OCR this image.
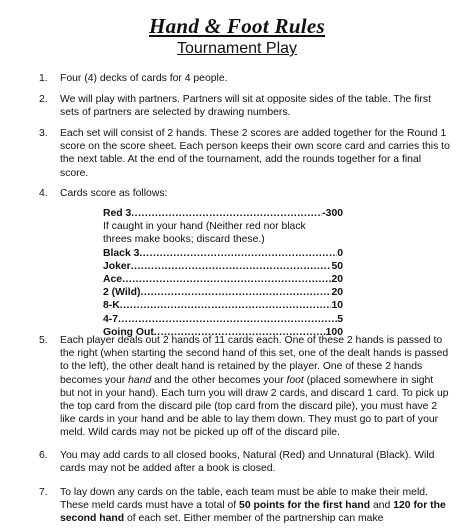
Hand & Foot Rules
Tournament Play
1. Four (4) decks of cards for 4 people.
2. We will play with partners. Partners will sit at opposite sides of the table. The first sets of partners are selected by drawing numbers.
3. Each set will consist of 2 hands. These 2 scores are added together for the Round 1 score on the score sheet. Each person keeps their own score card and carries this to the next table. At the end of the tournament, add the rounds together for a final score.
4. Cards score as follows:
Red 3 .....	-300
If caught in your hand (Neither red nor black threes make books; discard these.)
Black 3 .....	0
Joker .....	50
Ace .....	20
2 (Wild) .....	20
8-K .....	10
4-7 .....	5
Going Out .....	100
5. Each player deals out 2 hands of 11 cards each. One of these 2 hands is passed to the right (when starting the second hand of this set, one of the dealt hands is passed to the left), the other dealt hand is retained by the player. One of these 2 hands becomes your hand and the other becomes your foot (placed somewhere in sight but not in your hand). Each turn you will draw 2 cards, and discard 1 card. To pick up the top card from the discard pile (top card from the discard pile), you must have 2 like cards in your hand and be able to lay them down. They must go to part of your meld. Wild cards may not be picked up off of the discard pile.
6. You may add cards to all closed books, Natural (Red) and Unnatural (Black). Wild cards may not be added after a book is closed.
7. To lay down any cards on the table, each team must be able to make their meld. These meld cards must have a total of 50 points for the first hand and 120 for the second hand of each set. Either member of the partnership can make
